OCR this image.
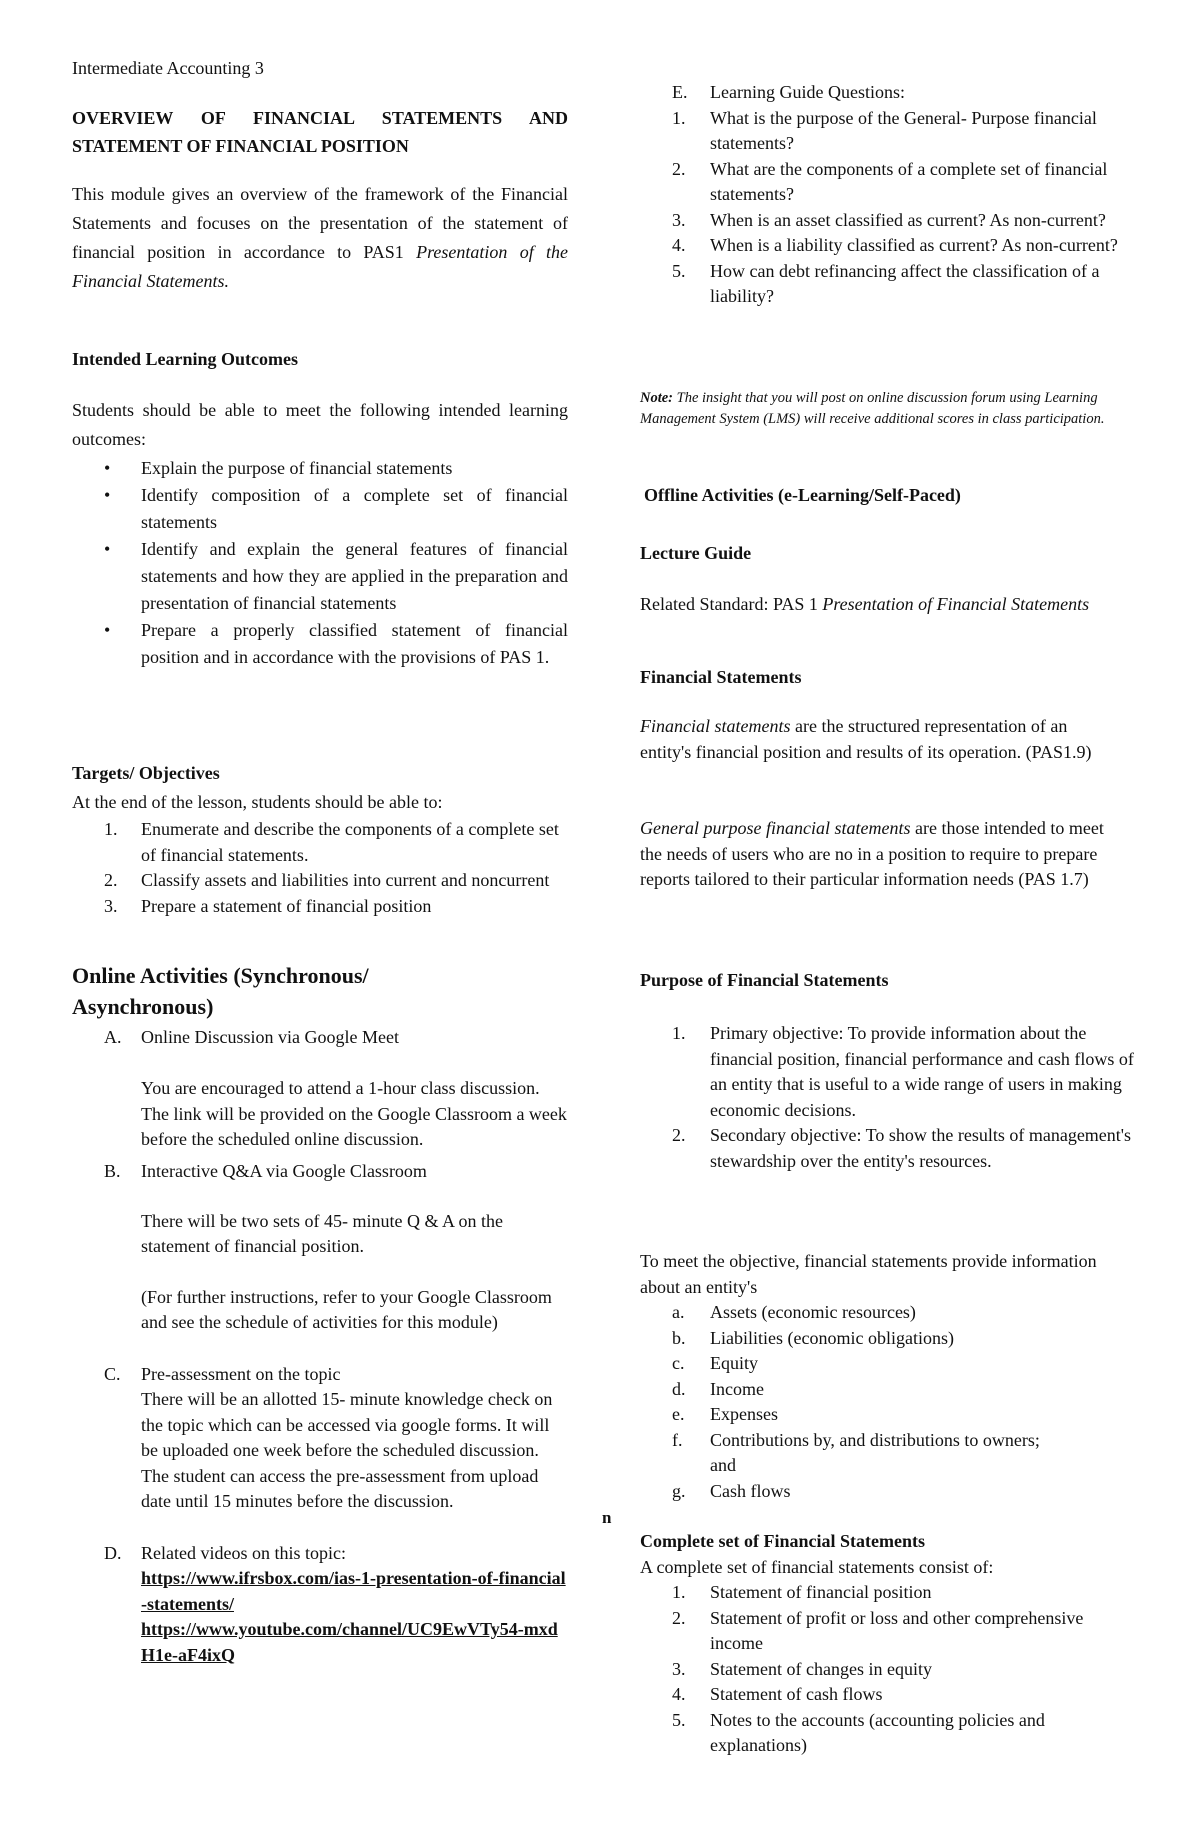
Intermediate Accounting 3

OVERVIEW OF FINANCIAL STATEMENTS AND STATEMENT OF FINANCIAL POSITION

This module gives an overview of the framework of the Financial Statements and focuses on the presentation of the statement of financial position in accordance to PAS1 Presentation of the Financial Statements.

Intended Learning Outcomes

Students should be able to meet the following intended learning outcomes:

• Explain the purpose of financial statements
• Identify composition of a complete set of financial statements
• Identify and explain the general features of financial statements and how they are applied in the preparation and presentation of financial statements
• Prepare a properly classified statement of financial position and in accordance with the provisions of PAS 1.

Targets/ Objectives

At the end of the lesson, students should be able to:

1. Enumerate and describe the components of a complete set of financial statements.
2. Classify assets and liabilities into current and noncurrent
3. Prepare a statement of financial position

Online Activities (Synchronous/ Asynchronous)

A. Online Discussion via Google Meet

You are encouraged to attend a 1-hour class discussion. The link will be provided on the Google Classroom a week before the scheduled online discussion.

B. Interactive Q&A via Google Classroom

There will be two sets of 45- minute Q & A on the statement of financial position.

(For further instructions, refer to your Google Classroom and see the schedule of activities for this module)

C. Pre-assessment on the topic

There will be an allotted 15- minute knowledge check on the topic which can be accessed via google forms. It will be uploaded one week before the scheduled discussion. The student can access the pre-assessment from upload date until 15 minutes before the discussion.

D. Related videos on this topic:

https://www.ifrsbox.com/ias-1-presentation-of-financial-statements/

https://www.youtube.com/channel/UC9EwVTy54-mxdH1e-aF4ixQ

E. Learning Guide Questions:
1. What is the purpose of the General- Purpose financial statements?
2. What are the components of a complete set of financial statements?
3. When is an asset classified as current? As non-current?
4. When is a liability classified as current? As non-current?
5. How can debt refinancing affect the classification of a liability?

Note: The insight that you will post on online discussion forum using Learning Management System (LMS) will receive additional scores in class participation.

Offline Activities (e-Learning/Self-Paced)

Lecture Guide

Related Standard: PAS 1 Presentation of Financial Statements

Financial Statements

Financial statements are the structured representation of an entity's financial position and results of its operation. (PAS1.9)

General purpose financial statements are those intended to meet the needs of users who are no in a position to require to prepare reports tailored to their particular information needs (PAS 1.7)

Purpose of Financial Statements

1. Primary objective: To provide information about the financial position, financial performance and cash flows of an entity that is useful to a wide range of users in making economic decisions.
2. Secondary objective: To show the results of management's stewardship over the entity's resources.

To meet the objective, financial statements provide information about an entity's

a. Assets (economic resources)
b. Liabilities (economic obligations)
c. Equity
d. Income
e. Expenses
f. Contributions by, and distributions to owners; and
g. Cash flows

Complete set of Financial Statements

A complete set of financial statements consist of:

1. Statement of financial position
2. Statement of profit or loss and other comprehensive income
3. Statement of changes in equity
4. Statement of cash flows
5. Notes to the accounts (accounting policies and explanations)
n
